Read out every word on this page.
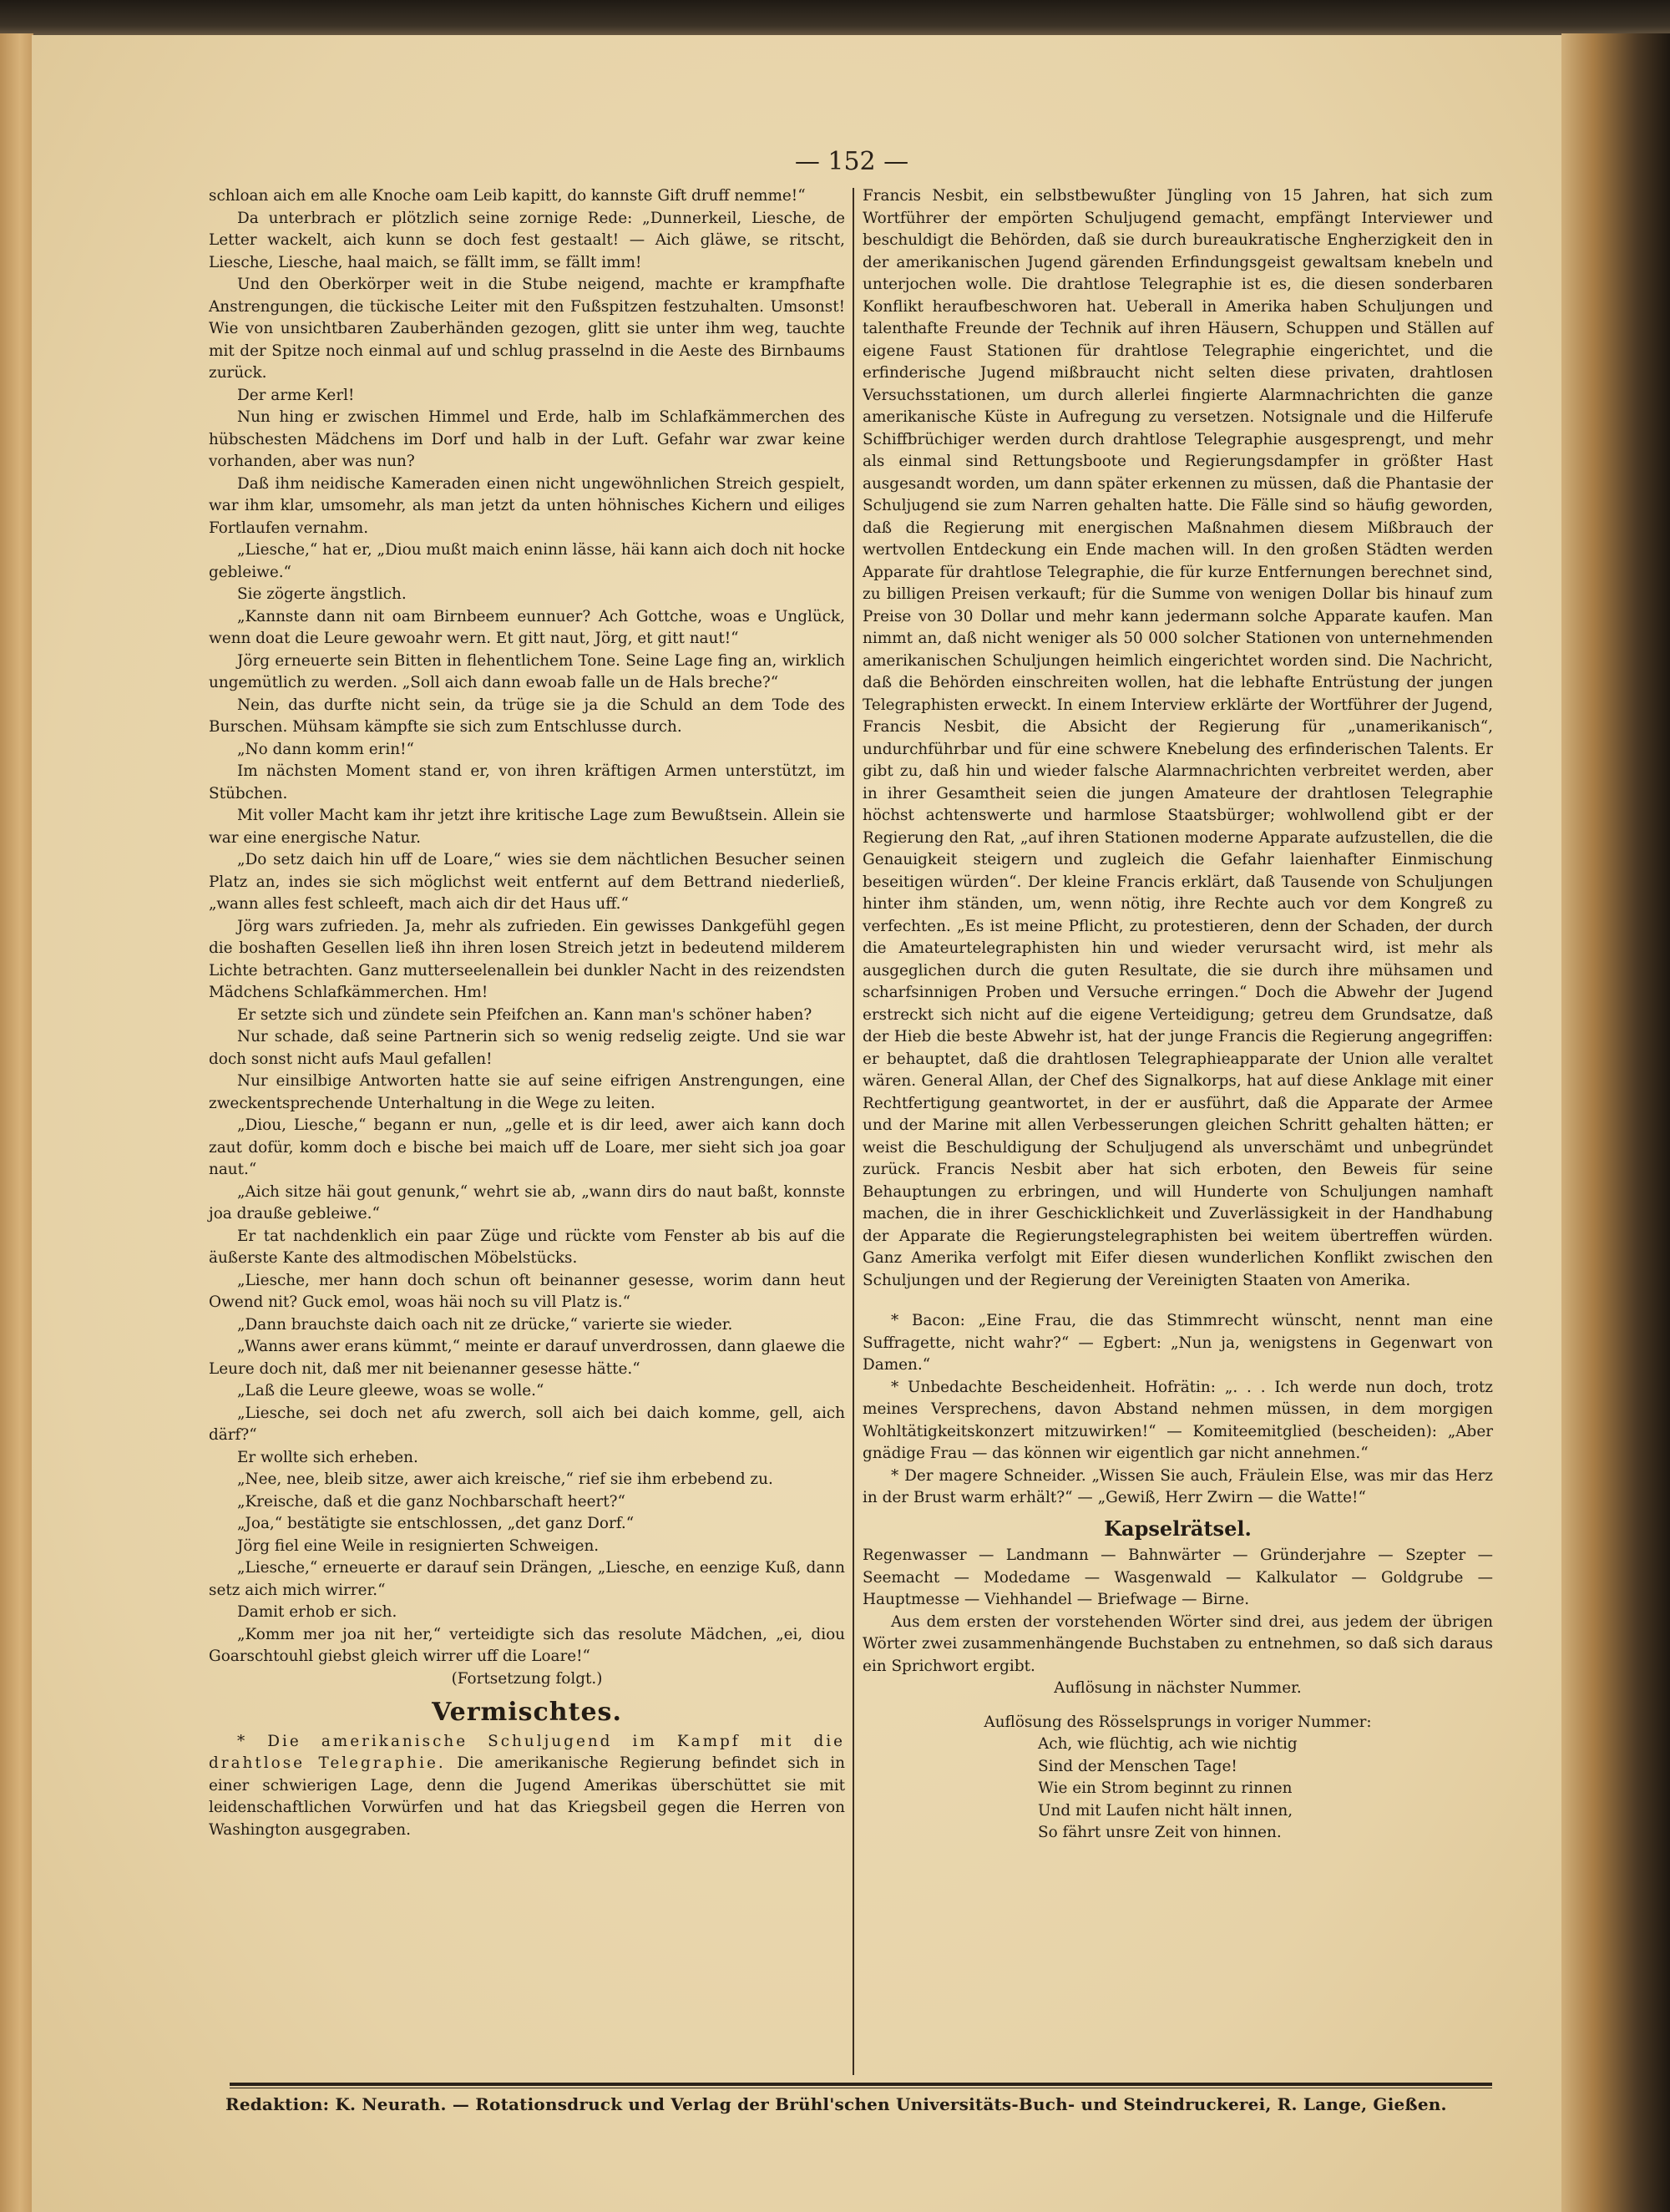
— 152 —

schloan aich em alle Knoche oam Leib kapitt, do kannste Gift druff nemme!“

Da unterbrach er plötzlich seine zornige Rede: „Dunnerkeil, Liesche, de Letter wackelt, aich kunn se doch fest gestaalt! — Aich gläwe, se ritscht, Liesche, Liesche, haal maich, se fällt imm, se fällt imm!

Und den Oberkörper weit in die Stube neigend, machte er krampfhafte Anstrengungen, die tückische Leiter mit den Fußspitzen festzuhalten. Umsonst! Wie von unsichtbaren Zauberhänden gezogen, glitt sie unter ihm weg, tauchte mit der Spitze noch einmal auf und schlug prasselnd in die Aeste des Birnbaums zurück.

Der arme Kerl!

Nun hing er zwischen Himmel und Erde, halb im Schlafkämmerchen des hübschesten Mädchens im Dorf und halb in der Luft. Gefahr war zwar keine vorhanden, aber was nun?

Daß ihm neidische Kameraden einen nicht ungewöhnlichen Streich gespielt, war ihm klar, umsomehr, als man jetzt da unten höhnisches Kichern und eiliges Fortlaufen vernahm.

„Liesche,“ hat er, „Diou mußt maich eninn lässe, häi kann aich doch nit hocke gebleiwe.“

Sie zögerte ängstlich.

„Kannste dann nit oam Birnbeem eunnuer? Ach Gottche, woas e Unglück, wenn doat die Leure gewoahr wern. Et gitt naut, Jörg, et gitt naut!“

Jörg erneuerte sein Bitten in flehentlichem Tone. Seine Lage fing an, wirklich ungemütlich zu werden. „Soll aich dann ewoab falle un de Hals breche?“

Nein, das durfte nicht sein, da trüge sie ja die Schuld an dem Tode des Burschen. Mühsam kämpfte sie sich zum Entschlusse durch.

„No dann komm erin!“

Im nächsten Moment stand er, von ihren kräftigen Armen unterstützt, im Stübchen.

Mit voller Macht kam ihr jetzt ihre kritische Lage zum Bewußtsein. Allein sie war eine energische Natur.

„Do setz daich hin uff de Loare,“ wies sie dem nächtlichen Besucher seinen Platz an, indes sie sich möglichst weit entfernt auf dem Bettrand niederließ, „wann alles fest schleeft, mach aich dir det Haus uff.“

Jörg wars zufrieden. Ja, mehr als zufrieden. Ein gewisses Dankgefühl gegen die boshaften Gesellen ließ ihn ihren losen Streich jetzt in bedeutend milderem Lichte betrachten. Ganz mutterseelenallein bei dunkler Nacht in des reizendsten Mädchens Schlafkämmerchen. Hm!

Er setzte sich und zündete sein Pfeifchen an. Kann man's schöner haben?

Nur schade, daß seine Partnerin sich so wenig redselig zeigte. Und sie war doch sonst nicht aufs Maul gefallen!

Nur einsilbige Antworten hatte sie auf seine eifrigen Anstrengungen, eine zweckentsprechende Unterhaltung in die Wege zu leiten.

„Diou, Liesche,“ begann er nun, „gelle et is dir leed, awer aich kann doch zaut dofür, komm doch e bische bei maich uff de Loare, mer sieht sich joa goar naut.“

„Aich sitze häi gout genunk,“ wehrt sie ab, „wann dirs do naut baßt, konnste joa drauße gebleiwe.“

Er tat nachdenklich ein paar Züge und rückte vom Fenster ab bis auf die äußerste Kante des altmodischen Möbelstücks.

„Liesche, mer hann doch schun oft beinanner gesesse, worim dann heut Owend nit? Guck emol, woas häi noch su vill Platz is.“

„Dann brauchste daich oach nit ze drücke,“ varierte sie wieder.

„Wanns awer erans kümmt,“ meinte er darauf unverdrossen, dann glaewe die Leure doch nit, daß mer nit beienanner gesesse hätte.“

„Laß die Leure gleewe, woas se wolle.“

„Liesche, sei doch net afu zwerch, soll aich bei daich komme, gell, aich därf?“

Er wollte sich erheben.

„Nee, nee, bleib sitze, awer aich kreische,“ rief sie ihm erbebend zu.

„Kreische, daß et die ganz Nochbarschaft heert?“

„Joa,“ bestätigte sie entschlossen, „det ganz Dorf.“

Jörg fiel eine Weile in resignierten Schweigen.

„Liesche,“ erneuerte er darauf sein Drängen, „Liesche, en eenzige Kuß, dann setz aich mich wirrer.“

Damit erhob er sich.

„Komm mer joa nit her,“ verteidigte sich das resolute Mädchen, „ei, diou Goarschtouhl giebst gleich wirrer uff die Loare!“

(Fortsetzung folgt.)

Vermischtes.

* Die amerikanische Schuljugend im Kampf mit die drahtlose Telegraphie. Die amerikanische Regierung befindet sich in einer schwierigen Lage, denn die Jugend Amerikas überschüttet sie mit leidenschaftlichen Vorwürfen und hat das Kriegsbeil gegen die Herren von Washington ausgegraben.

Francis Nesbit, ein selbstbewußter Jüngling von 15 Jahren, hat sich zum Wortführer der empörten Schuljugend gemacht, empfängt Interviewer und beschuldigt die Behörden, daß sie durch bureaukratische Engherzigkeit den in der amerikanischen Jugend gärenden Erfindungsgeist gewaltsam knebeln und unterjochen wolle. Die drahtlose Telegraphie ist es, die diesen sonderbaren Konflikt heraufbeschworen hat. Ueberall in Amerika haben Schuljungen und talenthafte Freunde der Technik auf ihren Häusern, Schuppen und Ställen auf eigene Faust Stationen für drahtlose Telegraphie eingerichtet, und die erfinderische Jugend mißbraucht nicht selten diese privaten, drahtlosen Versuchsstationen, um durch allerlei fingierte Alarmnachrichten die ganze amerikanische Küste in Aufregung zu versetzen. Notsignale und die Hilferufe Schiffbrüchiger werden durch drahtlose Telegraphie ausgesprengt, und mehr als einmal sind Rettungsboote und Regierungsdampfer in größter Hast ausgesandt worden, um dann später erkennen zu müssen, daß die Phantasie der Schuljugend sie zum Narren gehalten hatte. Die Fälle sind so häufig geworden, daß die Regierung mit energischen Maßnahmen diesem Mißbrauch der wertvollen Entdeckung ein Ende machen will. In den großen Städten werden Apparate für drahtlose Telegraphie, die für kurze Entfernungen berechnet sind, zu billigen Preisen verkauft; für die Summe von wenigen Dollar bis hinauf zum Preise von 30 Dollar und mehr kann jedermann solche Apparate kaufen. Man nimmt an, daß nicht weniger als 50 000 solcher Stationen von unternehmenden amerikanischen Schuljungen heimlich eingerichtet worden sind. Die Nachricht, daß die Behörden einschreiten wollen, hat die lebhafte Entrüstung der jungen Telegraphisten erweckt. In einem Interview erklärte der Wortführer der Jugend, Francis Nesbit, die Absicht der Regierung für „unamerikanisch“, undurchführbar und für eine schwere Knebelung des erfinderischen Talents. Er gibt zu, daß hin und wieder falsche Alarmnachrichten verbreitet werden, aber in ihrer Gesamtheit seien die jungen Amateure der drahtlosen Telegraphie höchst achtenswerte und harmlose Staatsbürger; wohlwollend gibt er der Regierung den Rat, „auf ihren Stationen moderne Apparate aufzustellen, die die Genauigkeit steigern und zugleich die Gefahr laienhafter Einmischung beseitigen würden“. Der kleine Francis erklärt, daß Tausende von Schuljungen hinter ihm ständen, um, wenn nötig, ihre Rechte auch vor dem Kongreß zu verfechten. „Es ist meine Pflicht, zu protestieren, denn der Schaden, der durch die Amateurtelegraphisten hin und wieder verursacht wird, ist mehr als ausgeglichen durch die guten Resultate, die sie durch ihre mühsamen und scharfsinnigen Proben und Versuche erringen.“ Doch die Abwehr der Jugend erstreckt sich nicht auf die eigene Verteidigung; getreu dem Grundsatze, daß der Hieb die beste Abwehr ist, hat der junge Francis die Regierung angegriffen: er behauptet, daß die drahtlosen Telegraphieapparate der Union alle veraltet wären. General Allan, der Chef des Signalkorps, hat auf diese Anklage mit einer Rechtfertigung geantwortet, in der er ausführt, daß die Apparate der Armee und der Marine mit allen Verbesserungen gleichen Schritt gehalten hätten; er weist die Beschuldigung der Schuljugend als unverschämt und unbegründet zurück. Francis Nesbit aber hat sich erboten, den Beweis für seine Behauptungen zu erbringen, und will Hunderte von Schuljungen namhaft machen, die in ihrer Geschicklichkeit und Zuverlässigkeit in der Handhabung der Apparate die Regierungstelegraphisten bei weitem übertreffen würden. Ganz Amerika verfolgt mit Eifer diesen wunderlichen Konflikt zwischen den Schuljungen und der Regierung der Vereinigten Staaten von Amerika.

* Bacon: „Eine Frau, die das Stimmrecht wünscht, nennt man eine Suffragette, nicht wahr?“ — Egbert: „Nun ja, wenigstens in Gegenwart von Damen.“

* Unbedachte Bescheidenheit. Hofrätin: „. . . Ich werde nun doch, trotz meines Versprechens, davon Abstand nehmen müssen, in dem morgigen Wohltätigkeitskonzert mitzuwirken!“ — Komiteemitglied (bescheiden): „Aber gnädige Frau — das können wir eigentlich gar nicht annehmen.“

* Der magere Schneider. „Wissen Sie auch, Fräulein Else, was mir das Herz in der Brust warm erhält?“ — „Gewiß, Herr Zwirn — die Watte!“

Kapselrätsel.

Regenwasser — Landmann — Bahnwärter — Gründerjahre — Szepter — Seemacht — Modedame — Wasgenwald — Kalkulator — Goldgrube — Hauptmesse — Viehhandel — Briefwage — Birne.

Aus dem ersten der vorstehenden Wörter sind drei, aus jedem der übrigen Wörter zwei zusammenhängende Buchstaben zu entnehmen, so daß sich daraus ein Sprichwort ergibt.

Auflösung in nächster Nummer.

Auflösung des Rösselsprungs in voriger Nummer:

Ach, wie flüchtig, ach wie nichtig

Sind der Menschen Tage!

Wie ein Strom beginnt zu rinnen

Und mit Laufen nicht hält innen,

So fährt unsre Zeit von hinnen.

Redaktion: K. Neurath. — Rotationsdruck und Verlag der Brühl'schen Universitäts-Buch- und Steindruckerei, R. Lange, Gießen.
